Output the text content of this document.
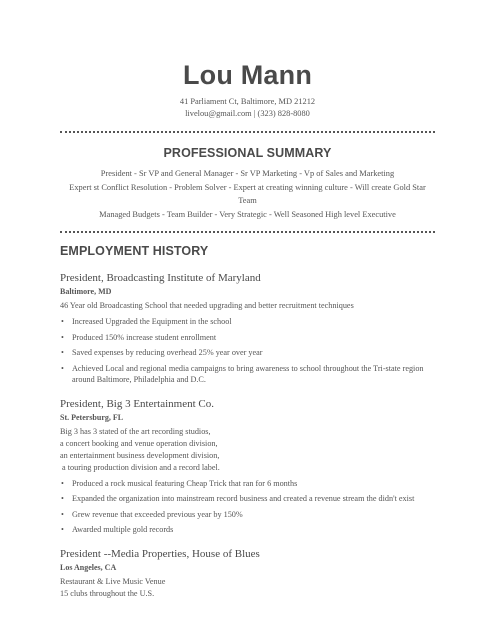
Lou Mann
41 Parliament Ct, Baltimore, MD 21212
livelou@gmail.com | (323) 828-8080
PROFESSIONAL SUMMARY
President - Sr VP and General Manager - Sr VP Marketing - Vp of Sales and Marketing
Expert st Conflict Resolution - Problem Solver - Expert at creating winning culture - Will create Gold Star Team
Managed Budgets - Team Builder - Very Strategic - Well Seasoned High level Executive
EMPLOYMENT HISTORY
President, Broadcasting Institute of Maryland
Baltimore, MD
46 Year old Broadcasting School that needed upgrading and better recruitment techniques
• Increased Upgraded the Equipment in the school
• Produced 150% increase student enrollment
• Saved expenses by reducing overhead 25% year over year
• Achieved Local and regional media campaigns to bring awareness to school throughout the Tri-state region around Baltimore, Philadelphia and D.C.
President, Big 3 Entertainment Co.
St. Petersburg, FL
Big 3 has 3 stated of the art recording studios,
a concert booking and venue operation division,
an entertainment business development division,
a touring production division and a record label.
• Produced a rock musical featuring Cheap Trick that ran for 6 months
• Expanded the organization into mainstream record business and created a revenue stream the didn't exist
• Grew revenue that exceeded previous year by 150%
• Awarded multiple gold records
President --Media Properties, House of Blues
Los Angeles, CA
Restaurant & Live Music Venue
15 clubs throughout the U.S.
